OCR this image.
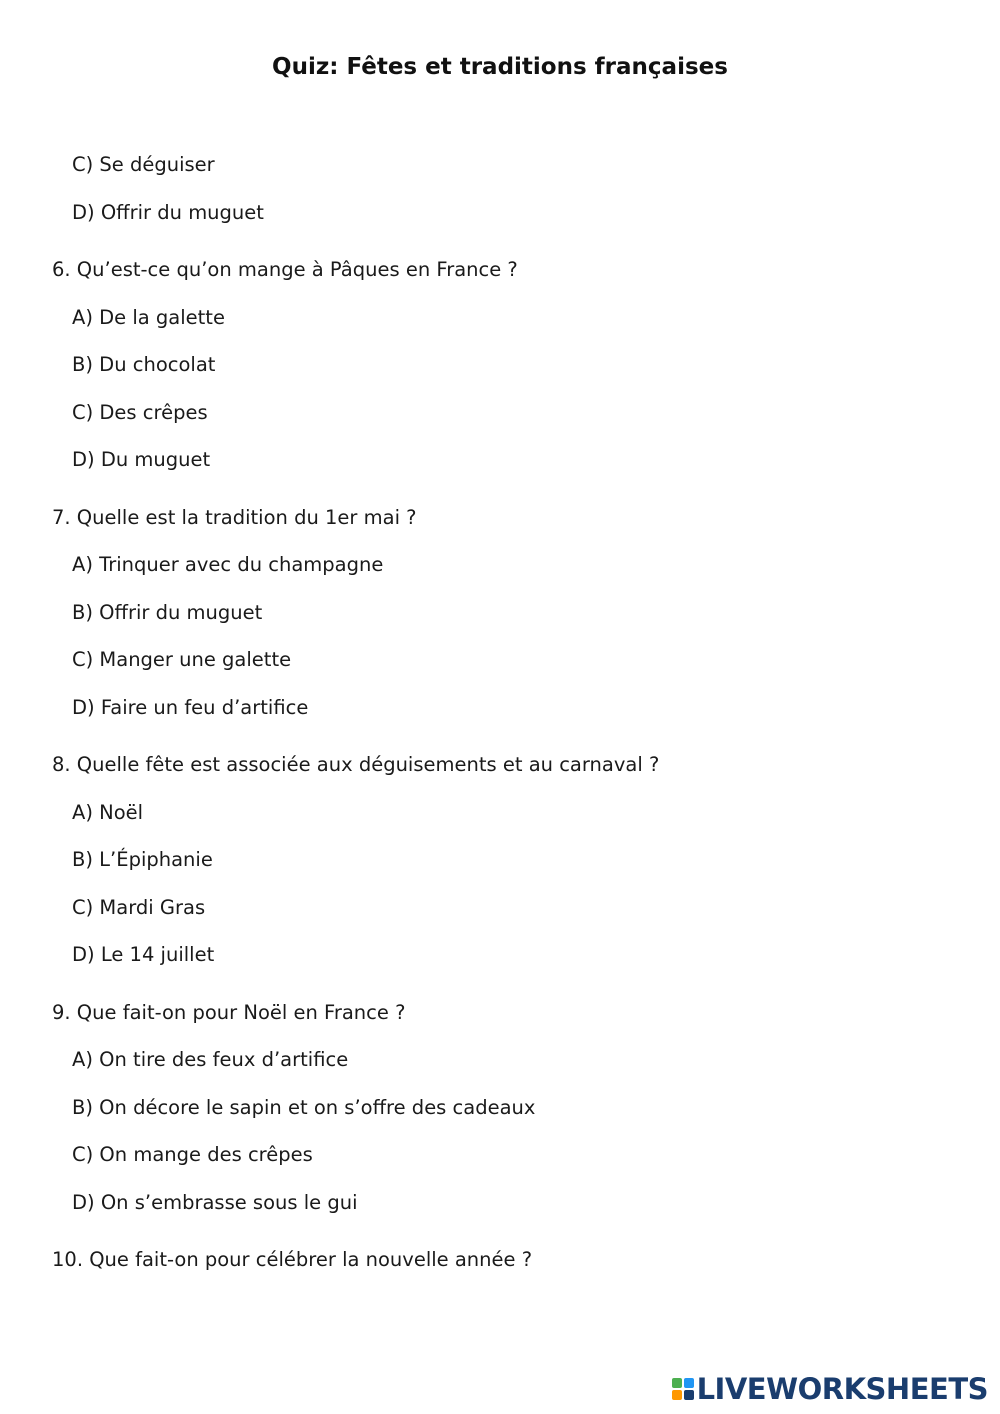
Quiz: Fêtes et traditions françaises
C) Se déguiser
D) Offrir du muguet
6. Qu’est-ce qu’on mange à Pâques en France ?
A) De la galette
B) Du chocolat
C) Des crêpes
D) Du muguet
7. Quelle est la tradition du 1er mai ?
A) Trinquer avec du champagne
B) Offrir du muguet
C) Manger une galette
D) Faire un feu d’artifice
8. Quelle fête est associée aux déguisements et au carnaval ?
A) Noël
B) L’Épiphanie
C) Mardi Gras
D) Le 14 juillet
9. Que fait-on pour Noël en France ?
A) On tire des feux d’artifice
B) On décore le sapin et on s’offre des cadeaux
C) On mange des crêpes
D) On s’embrasse sous le gui
10. Que fait-on pour célébrer la nouvelle année ?
LIVEWORKSHEETS
